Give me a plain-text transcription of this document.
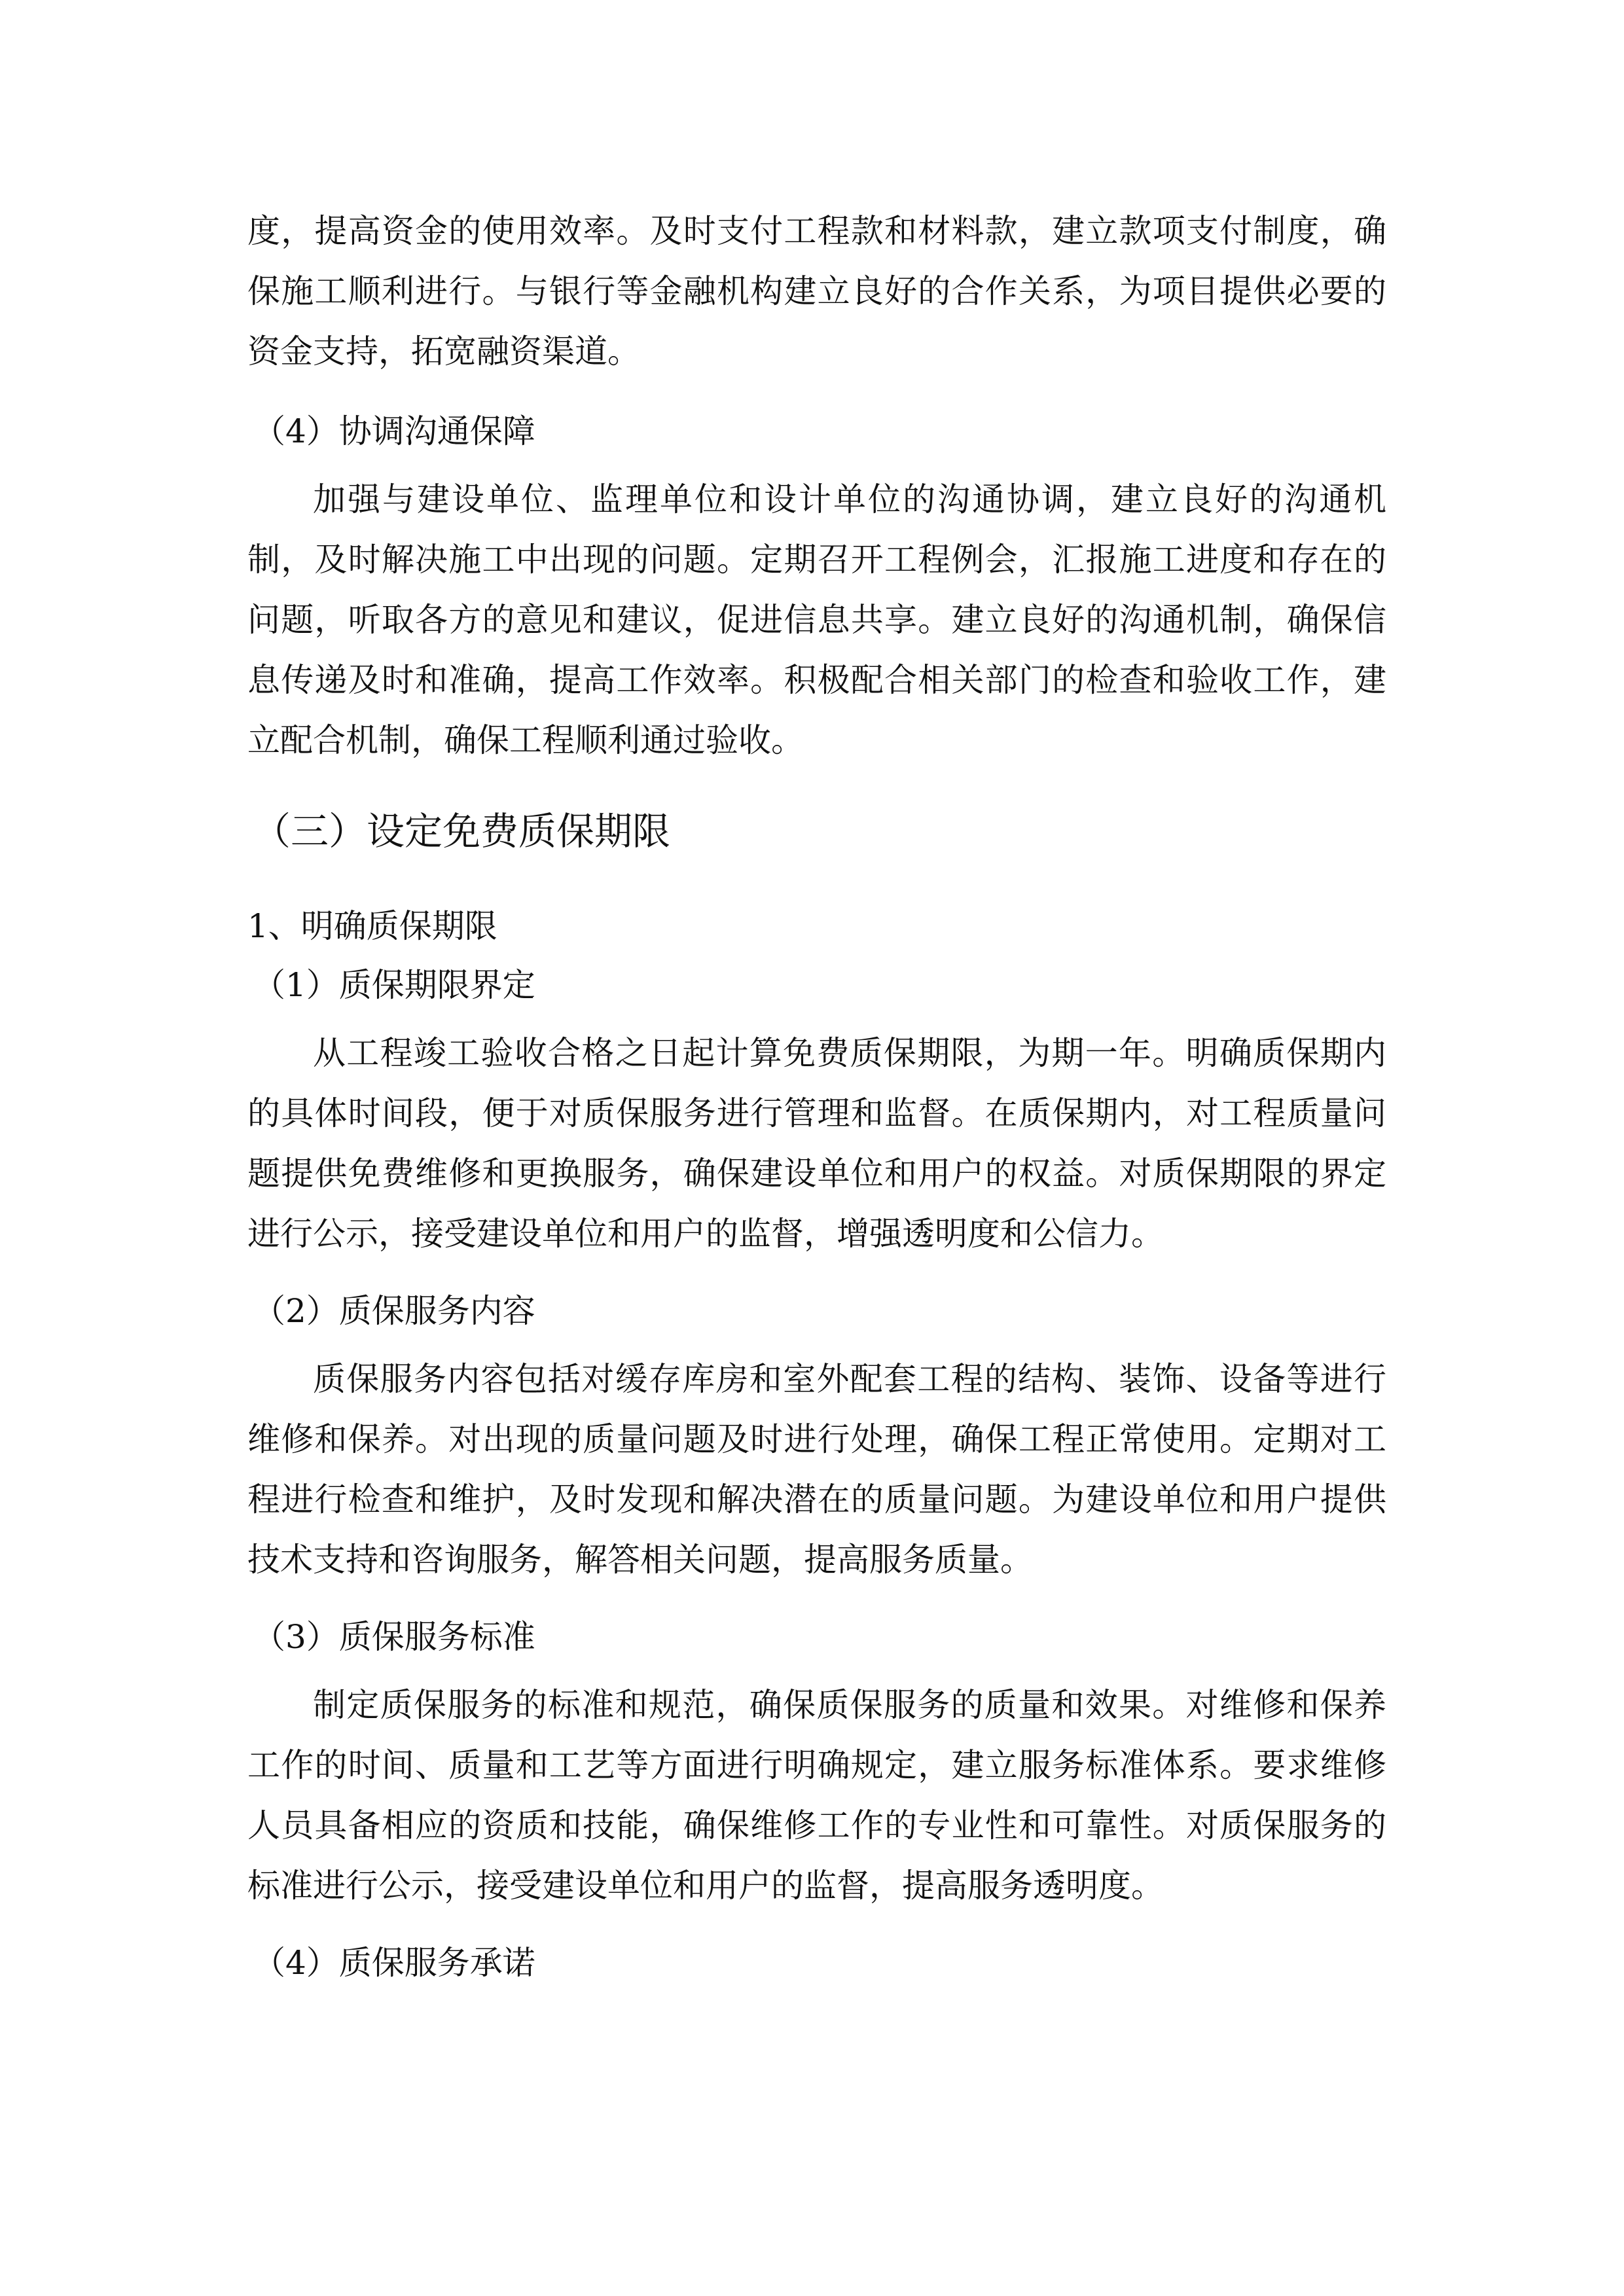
度，提高资金的使用效率。及时支付工程款和材料款，建立款项支付制度，确
保施工顺利进行。与银行等金融机构建立良好的合作关系，为项目提供必要的
资金支持，拓宽融资渠道。
（4）协调沟通保障
加强与建设单位、监理单位和设计单位的沟通协调，建立良好的沟通机
制，及时解决施工中出现的问题。定期召开工程例会，汇报施工进度和存在的
问题，听取各方的意见和建议，促进信息共享。建立良好的沟通机制，确保信
息传递及时和准确，提高工作效率。积极配合相关部门的检查和验收工作，建
立配合机制，确保工程顺利通过验收。
（三）设定免费质保期限
1、明确质保期限
（1）质保期限界定
从工程竣工验收合格之日起计算免费质保期限，为期一年。明确质保期内
的具体时间段，便于对质保服务进行管理和监督。在质保期内，对工程质量问
题提供免费维修和更换服务，确保建设单位和用户的权益。对质保期限的界定
进行公示，接受建设单位和用户的监督，增强透明度和公信力。
（2）质保服务内容
质保服务内容包括对缓存库房和室外配套工程的结构、装饰、设备等进行
维修和保养。对出现的质量问题及时进行处理，确保工程正常使用。定期对工
程进行检查和维护，及时发现和解决潜在的质量问题。为建设单位和用户提供
技术支持和咨询服务，解答相关问题，提高服务质量。
（3）质保服务标准
制定质保服务的标准和规范，确保质保服务的质量和效果。对维修和保养
工作的时间、质量和工艺等方面进行明确规定，建立服务标准体系。要求维修
人员具备相应的资质和技能，确保维修工作的专业性和可靠性。对质保服务的
标准进行公示，接受建设单位和用户的监督，提高服务透明度。
（4）质保服务承诺
